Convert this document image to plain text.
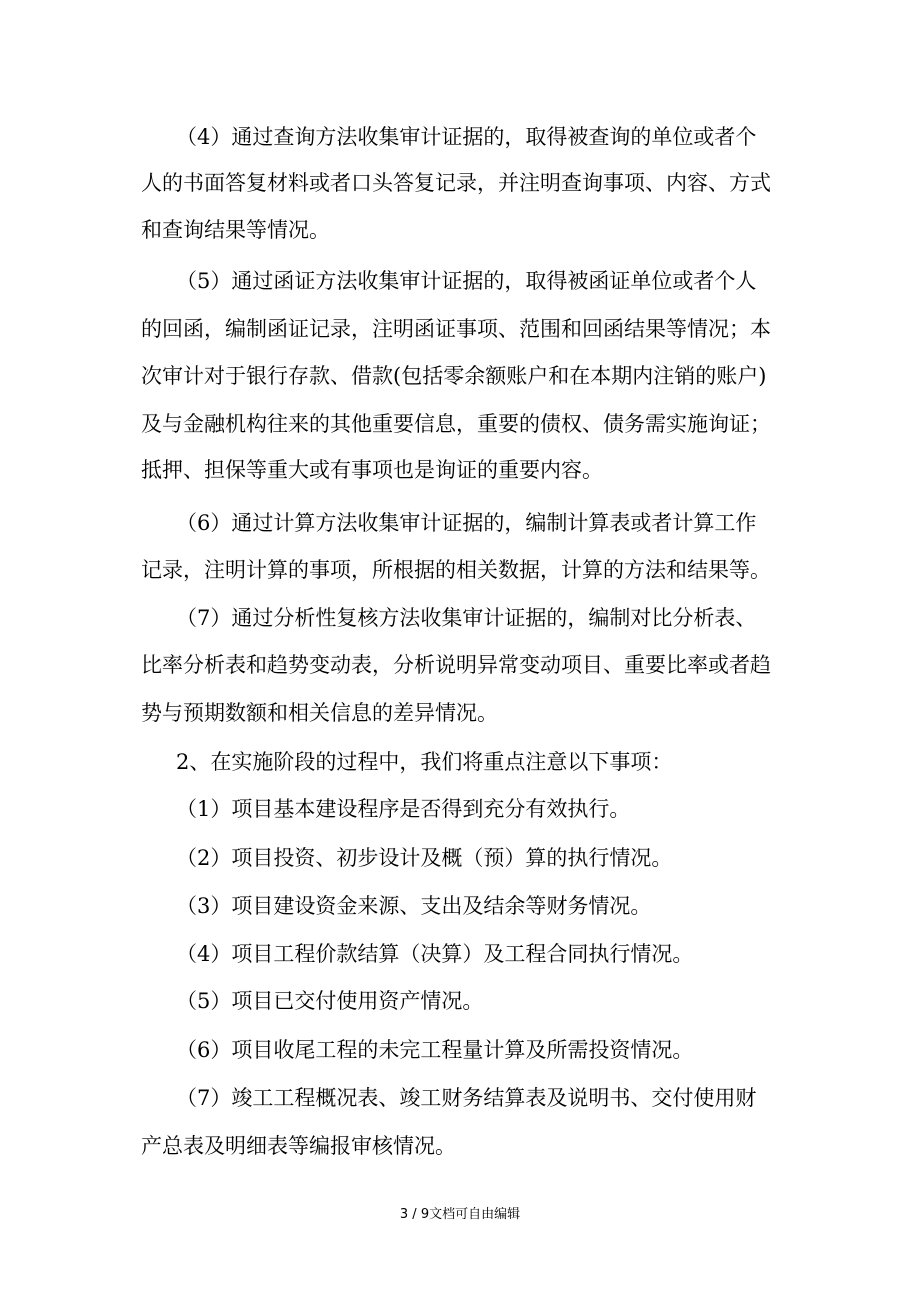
（4）通过查询方法收集审计证据的，取得被查询的单位或者个
人的书面答复材料或者口头答复记录，并注明查询事项、内容、方式
和查询结果等情况。
（5）通过函证方法收集审计证据的，取得被函证单位或者个人
的回函，编制函证记录，注明函证事项、范围和回函结果等情况；本
次审计对于银行存款、借款(包括零余额账户和在本期内注销的账户)
及与金融机构往来的其他重要信息，重要的债权、债务需实施询证；
抵押、担保等重大或有事项也是询证的重要内容。
（6）通过计算方法收集审计证据的，编制计算表或者计算工作
记录，注明计算的事项，所根据的相关数据，计算的方法和结果等。
（7）通过分析性复核方法收集审计证据的，编制对比分析表、
比率分析表和趋势变动表，分析说明异常变动项目、重要比率或者趋
势与预期数额和相关信息的差异情况。
2、在实施阶段的过程中，我们将重点注意以下事项：
（1）项目基本建设程序是否得到充分有效执行。
（2）项目投资、初步设计及概（预）算的执行情况。
（3）项目建设资金来源、支出及结余等财务情况。
（4）项目工程价款结算（决算）及工程合同执行情况。
（5）项目已交付使用资产情况。
（6）项目收尾工程的未完工程量计算及所需投资情况。
（7）竣工工程概况表、竣工财务结算表及说明书、交付使用财
产总表及明细表等编报审核情况。
3 / 9文档可自由编辑
